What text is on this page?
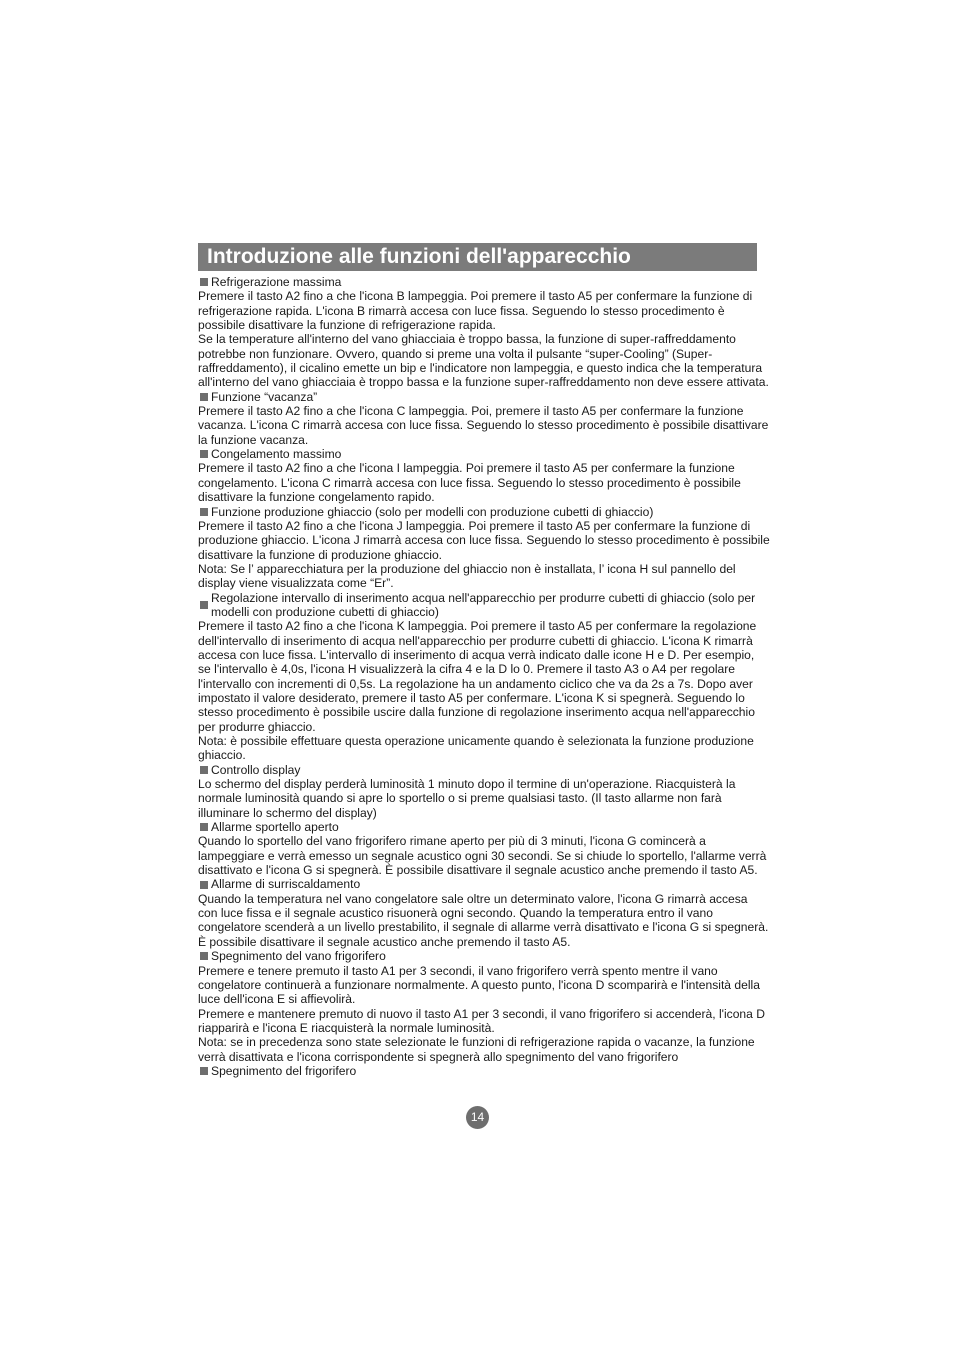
Introduzione alle funzioni dell'apparecchio

Refrigerazione massima

Premere il tasto A2 fino a che l'icona B lampeggia. Poi premere il tasto A5 per confermare la funzione di refrigerazione rapida. L'icona B rimarrà accesa con luce fissa. Seguendo lo stesso procedimento è possibile disattivare la funzione di refrigerazione rapida.

Se la temperature all'interno del vano ghiacciaia è troppo bassa, la funzione di super-raffreddamento potrebbe non funzionare. Ovvero, quando si preme una volta il pulsante “super-Cooling” (Super-raffreddamento), il cicalino emette un bip e l'indicatore non lampeggia, e questo indica che la temperatura all'interno del vano ghiacciaia è troppo bassa e la funzione super-raffreddamento non deve essere attivata.

Funzione “vacanza”

Premere il tasto A2 fino a che l'icona C lampeggia. Poi, premere il tasto A5 per confermare la funzione vacanza. L'icona C rimarrà accesa con luce fissa. Seguendo lo stesso procedimento è possibile disattivare la funzione vacanza.

Congelamento massimo

Premere il tasto A2 fino a che l'icona I lampeggia. Poi premere il tasto A5 per confermare la funzione congelamento. L'icona C rimarrà accesa con luce fissa. Seguendo lo stesso procedimento è possibile disattivare la funzione congelamento rapido.

Funzione produzione ghiaccio (solo per modelli con produzione cubetti di ghiaccio)

Premere il tasto A2 fino a che l'icona J lampeggia. Poi premere il tasto A5 per confermare la funzione di produzione ghiaccio. L'icona J rimarrà accesa con luce fissa. Seguendo lo stesso procedimento è possibile disattivare la funzione di produzione ghiaccio.

Nota: Se l’ apparecchiatura per la produzione del ghiaccio non è installata, l’ icona H sul pannello del display viene visualizzata come “Er”.

Regolazione intervallo di inserimento acqua nell'apparecchio per produrre cubetti di ghiaccio (solo per modelli con produzione cubetti di ghiaccio)

Premere il tasto A2 fino a che l'icona K lampeggia. Poi premere il tasto A5 per confermare la regolazione dell'intervallo di inserimento di acqua nell'apparecchio per produrre cubetti di ghiaccio. L'icona K rimarrà accesa con luce fissa. L'intervallo di inserimento di acqua verrà indicato dalle icone H e D. Per esempio, se l'intervallo è 4,0s, l'icona H visualizzerà la cifra 4 e la D lo 0. Premere il tasto A3 o A4 per regolare l'intervallo con incrementi di 0,5s. La regolazione ha un andamento ciclico che va da 2s a 7s. Dopo aver impostato il valore desiderato, premere il tasto A5 per confermare. L'icona K si spegnerà. Seguendo lo stesso procedimento è possibile uscire dalla funzione di regolazione inserimento acqua nell'apparecchio per produrre ghiaccio.

Nota: è possibile effettuare questa operazione unicamente quando è selezionata la funzione produzione ghiaccio.

Controllo display

Lo schermo del display perderà luminosità 1 minuto dopo il termine di un'operazione. Riacquisterà la normale luminosità quando si apre lo sportello o si preme qualsiasi tasto. (Il tasto allarme non farà illuminare lo schermo del display)

Allarme sportello aperto

Quando lo sportello del vano frigorifero rimane aperto per più di 3 minuti, l'icona G comincerà a lampeggiare e verrà emesso un segnale acustico ogni 30 secondi. Se si chiude lo sportello, l'allarme verrà disattivato e l'icona G si spegnerà. È possibile disattivare il segnale acustico anche premendo il tasto A5.

Allarme di surriscaldamento

Quando la temperatura nel vano congelatore sale oltre un determinato valore, l'icona G rimarrà accesa con luce fissa e il segnale acustico risuonerà ogni secondo. Quando la temperatura entro il vano congelatore scenderà a un livello prestabilito, il segnale di allarme verrà disattivato e l'icona G si spegnerà. È possibile disattivare il segnale acustico anche premendo il tasto A5.

Spegnimento del vano frigorifero

Premere e tenere premuto il tasto A1 per 3 secondi, il vano frigorifero verrà spento mentre il vano congelatore continuerà a funzionare normalmente. A questo punto, l'icona D scomparirà e l'intensità della luce dell'icona E si affievolirà.

Premere e mantenere premuto di nuovo il tasto A1 per 3 secondi, il vano frigorifero si accenderà, l'icona D riapparirà e l'icona E riacquisterà la normale luminosità.

Nota: se in precedenza sono state selezionate le funzioni di refrigerazione rapida o vacanze, la funzione verrà disattivata e l'icona corrispondente si spegnerà allo spegnimento del vano frigorifero

Spegnimento del frigorifero

14
